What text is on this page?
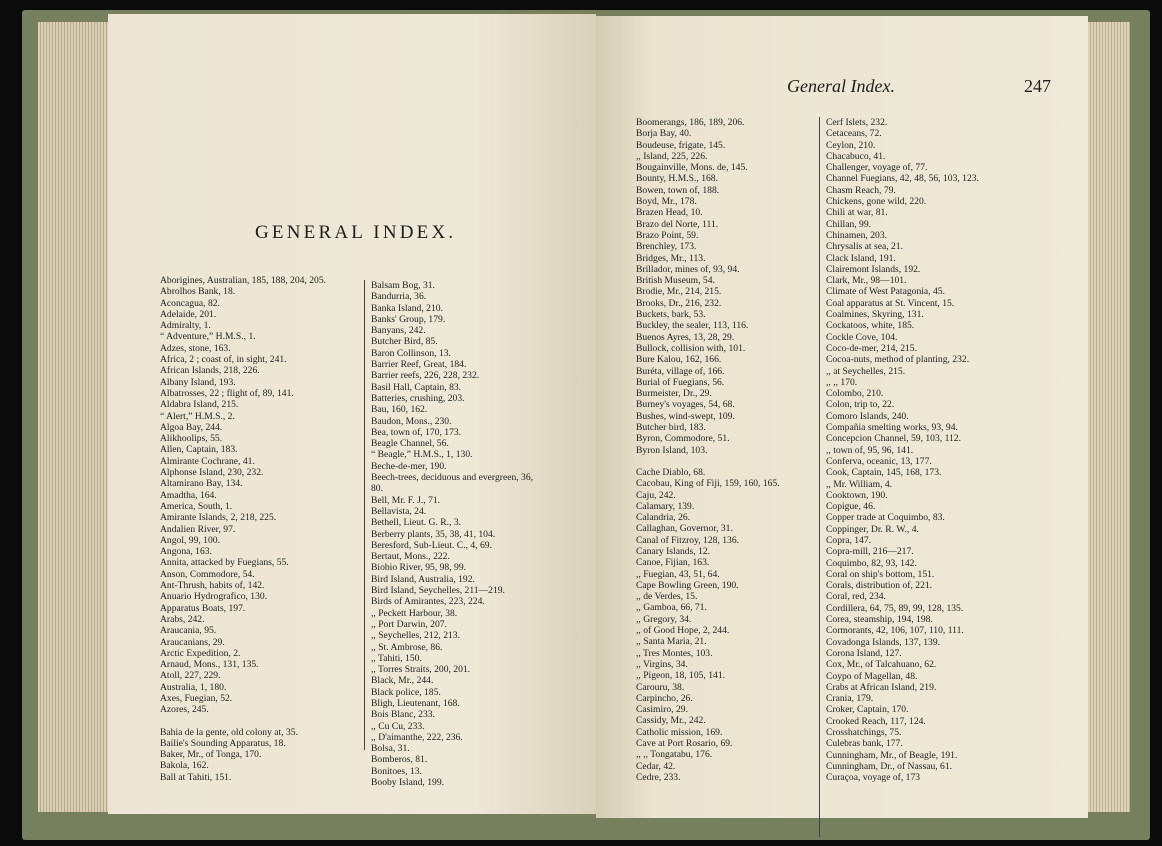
GENERAL INDEX.
Aborigines, Australian, 185, 188, 204, 205.
Abrolhos Bank, 18.
Aconcagua, 82.
Adelaide, 201.
Admiralty, 1.
“ Adventure,” H.M.S., 1.
Adzes, stone, 163.
Africa, 2 ; coast of, in sight, 241.
African Islands, 218, 226.
Albany Island, 193.
Albatrosses, 22 ; flight of, 89, 141.
Aldabra Island, 215.
“ Alert,” H.M.S., 2.
Algoa Bay, 244.
Alikhoolips, 55.
Allen, Captain, 183.
Almirante Cochrane, 41.
Alphonse Island, 230, 232.
Altamirano Bay, 134.
Amadtha, 164.
America, South, 1.
Amirante Islands, 2, 218, 225.
Andalien River, 97.
Angol, 99, 100.
Angona, 163.
Annita, attacked by Fuegians, 55.
Anson, Commodore, 54.
Ant-Thrush, habits of, 142.
Anuario Hydrografico, 130.
Apparatus Boats, 197.
Arabs, 242.
Araucania, 95.
Araucanians, 29.
Arctic Expedition, 2.
Arnaud, Mons., 131, 135.
Atoll, 227, 229.
Australia, 1, 180.
Axes, Fuegian, 52.
Azores, 245.
Bahia de la gente, old colony at, 35.
Bailie's Sounding Apparatus, 18.
Baker, Mr., of Tonga, 170.
Bakola, 162.
Ball at Tahiti, 151.
Balsam Bog, 31.
Bandurria, 36.
Banka Island, 210.
Banks' Group, 179.
Banyans, 242.
Butcher Bird, 85.
Baron Collinson, 13.
Barrier Reef, Great, 184.
Barrier reefs, 226, 228, 232.
Basil Hall, Captain, 83.
Batteries, crushing, 203.
Bau, 160, 162.
Baudon, Mons., 230.
Bea, town of, 170, 173.
Beagle Channel, 56.
“ Beagle,” H.M.S., 1, 130.
Beche-de-mer, 190.
Beech-trees, deciduous and evergreen, 36,
80.
Bell, Mr. F. J., 71.
Bellavista, 24.
Bethell, Lieut. G. R., 3.
Berberry plants, 35, 38, 41, 104.
Beresford, Sub-Lieut. C., 4, 69.
Bertaut, Mons., 222.
Biobio River, 95, 98, 99.
Bird Island, Australia, 192.
Bird Island, Seychelles, 211—219.
Birds of Amirantes, 223, 224.
,, Peckett Harbour, 38.
,, Port Darwin, 207.
,, Seychelles, 212, 213.
,, St. Ambrose, 86.
,, Tahiti, 150.
,, Torres Straits, 200, 201.
Black, Mr., 244.
Black police, 185.
Bligh, Lieutenant, 168.
Bois Blanc, 233.
,, Cu Cu, 233.
,, D'aimanthe, 222, 236.
Bolsa, 31.
Bomberos, 81.
Bonitoes, 13.
Booby Island, 199.
General Index.	247
Boomerangs, 186, 189, 206.
Borja Bay, 40.
Boudeuse, frigate, 145.
,, Island, 225, 226.
Bougainville, Mons. de, 145.
Bounty, H.M.S., 168.
Bowen, town of, 188.
Boyd, Mr., 178.
Brazen Head, 10.
Brazo del Norte, 111.
Brazo Point, 59.
Brenchley, 173.
Bridges, Mr., 113.
Brillador, mines of, 93, 94.
British Museum, 54.
Brodie, Mr., 214, 215.
Brooks, Dr., 216, 232.
Buckets, bark, 53.
Buckley, the sealer, 113, 116.
Buenos Ayres, 13, 28, 29.
Bullock, collision with, 101.
Bure Kalou, 162, 166.
Buréta, village of, 166.
Burial of Fuegians, 56.
Burmeister, Dr., 29.
Burney's voyages, 54, 68.
Bushes, wind-swept, 109.
Butcher bird, 183.
Byron, Commodore, 51.
Byron Island, 103.
Cache Diablo, 68.
Cacobau, King of Fiji, 159, 160, 165.
Caju, 242.
Calamary, 139.
Calandria, 26.
Callaghan, Governor, 31.
Canal of Fitzroy, 128, 136.
Canary Islands, 12.
Canoe, Fijian, 163.
,, Fuegian, 43, 51, 64.
Cape Bowling Green, 190.
,, de Verdes, 15.
,, Gamboa, 66, 71.
,, Gregory, 34.
,, of Good Hope, 2, 244.
,, Santa Maria, 21.
,, Tres Montes, 103.
,, Virgins, 34.
,, Pigeon, 18, 105, 141.
Carouru, 38.
Carpincho, 26.
Casimiro, 29.
Cassidy, Mr., 242.
Catholic mission, 169.
Cave at Port Rosario, 69.
,, ,, Tongatabu, 176.
Cedar, 42.
Cedre, 233.
Cerf Islets, 232.
Cetaceans, 72.
Ceylon, 210.
Chacabuco, 41.
Challenger, voyage of, 77.
Channel Fuegians, 42, 48, 56, 103, 123.
Chasm Reach, 79.
Chickens, gone wild, 220.
Chili at war, 81.
Chillan, 99.
Chinamen, 203.
Chrysalis at sea, 21.
Clack Island, 191.
Clairemont Islands, 192.
Clark, Mr., 98—101.
Climate of West Patagonia, 45.
Coal apparatus at St. Vincent, 15.
Coalmines, Skyring, 131.
Cockatoos, white, 185.
Cockle Cove, 104.
Coco-de-mer, 214, 215.
Cocoa-nuts, method of planting, 232.
,, at Seychelles, 215.
,, ,, 170.
Colombo, 210.
Colon, trip to, 22.
Comoro Islands, 240.
Compañia smelting works, 93, 94.
Concepcion Channel, 59, 103, 112.
,, town of, 95, 96, 141.
Conferva, oceanic, 13, 177.
Cook, Captain, 145, 168, 173.
,, Mr. William, 4.
Cooktown, 190.
Copigue, 46.
Copper trade at Coquimbo, 83.
Coppinger, Dr. R. W., 4.
Copra, 147.
Copra-mill, 216—217.
Coquimbo, 82, 93, 142.
Coral on ship's bottom, 151.
Corals, distribution of, 221.
Coral, red, 234.
Cordillera, 64, 75, 89, 99, 128, 135.
Corea, steamship, 194, 198.
Cormorants, 42, 106, 107, 110, 111.
Covadonga Islands, 137, 139.
Corona Island, 127.
Cox, Mr., of Talcahuano, 62.
Coypo of Magellan, 48.
Crabs at African Island, 219.
Crania, 179.
Croker, Captain, 170.
Crooked Reach, 117, 124.
Crosshatchings, 75.
Culebras bank, 177.
Cunningham, Mr., of Beagle, 191.
Cunningham, Dr., of Nassau, 61.
Curaçoa, voyage of, 173
